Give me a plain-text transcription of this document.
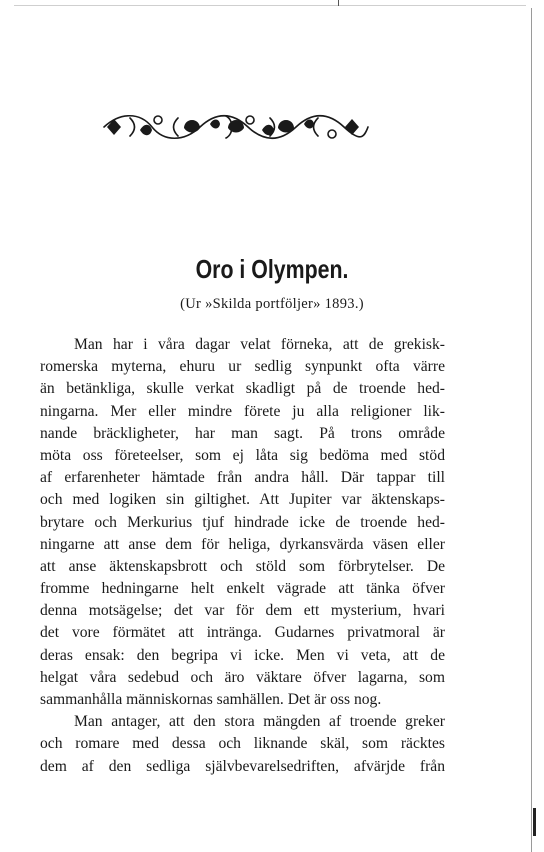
Oro i Olympen.
(Ur »Skilda portföljer» 1893.)
Man har i våra dagar velat förneka, att de grekisk-
romerska myterna, ehuru ur sedlig synpunkt ofta värre
än betänkliga, skulle verkat skadligt på de troende hed-
ningarna. Mer eller mindre förete ju alla religioner lik-
nande bräckligheter, har man sagt. På trons område
möta oss företeelser, som ej låta sig bedöma med stöd
af erfarenheter hämtade från andra håll. Där tappar till
och med logiken sin giltighet. Att Jupiter var äktenskaps-
brytare och Merkurius tjuf hindrade icke de troende hed-
ningarne att anse dem för heliga, dyrkansvärda väsen eller
att anse äktenskapsbrott och stöld som förbrytelser. De
fromme hedningarne helt enkelt vägrade att tänka öfver
denna motsägelse; det var för dem ett mysterium, hvari
det vore förmätet att intränga. Gudarnes privatmoral är
deras ensak: den begripa vi icke. Men vi veta, att de
helgat våra sedebud och äro väktare öfver lagarna, som
sammanhålla människornas samhällen. Det är oss nog.
Man antager, att den stora mängden af troende greker
och romare med dessa och liknande skäl, som räcktes
dem af den sedliga självbevarelsedriften, afvärjde från
